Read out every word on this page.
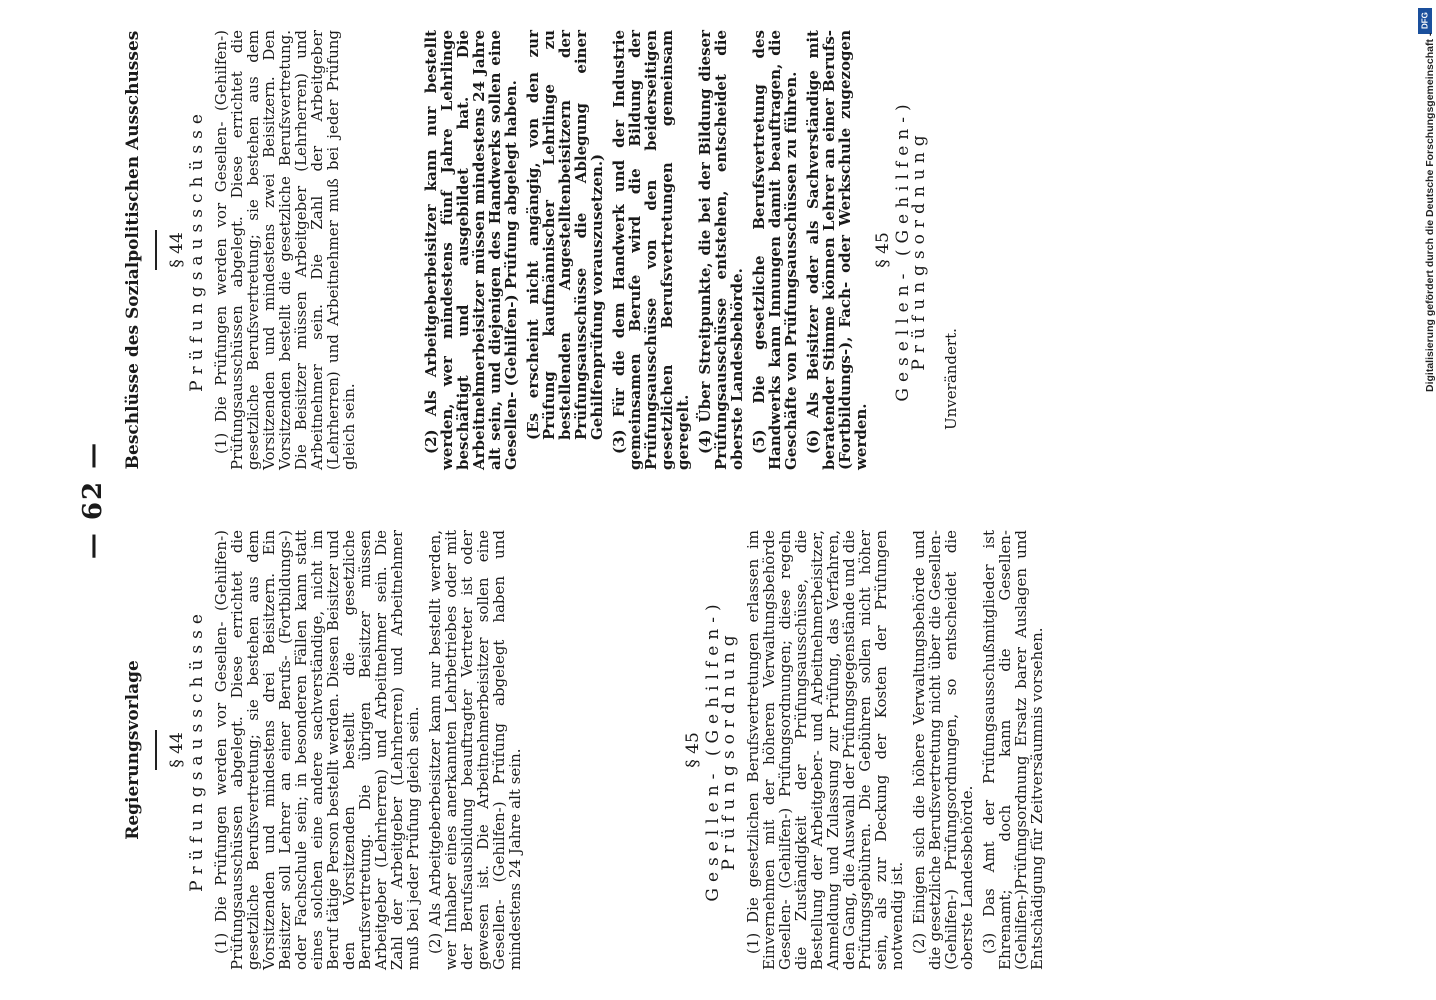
— 62 —
Regierungsvorlage § 44 Prüfungsausschüsse (1) Die Prüfungen werden vor Gesellen- (Gehilfen-) Prüfungsausschüssen abgelegt. Diese errichtet die gesetzliche Berufsvertretung; sie bestehen aus dem Vorsitzenden und mindestens drei Beisitzern. Ein Beisitzer soll Lehrer an einer Berufs- (Fortbildungs-) oder Fachschule sein; in besonderen Fällen kann statt eines solchen eine andere sachverständige, nicht im Beruf tätige Person bestellt werden. Diesen Beisitzer und den Vorsitzenden bestellt die gesetzliche Berufsvertretung. Die übrigen Beisitzer müssen Arbeitgeber (Lehrherren) und Arbeitnehmer sein. Die Zahl der Arbeitgeber (Lehrherren) und Arbeitnehmer muß bei jeder Prüfung gleich sein. (2) Als Arbeitgeberbeisitzer kann nur bestellt werden, wer Inhaber eines anerkannten Lehrbetriebes oder mit der Berufsausbildung beauftragter Vertreter ist oder gewesen ist. Die Arbeitnehmerbeisitzer sollen eine Gesellen- (Gehilfen-) Prüfung abgelegt haben und mindestens 24 Jahre alt sein.	§ 45 Gesellen- (Gehilfen-) Prüfungsordnung (1) Die gesetzlichen Berufsvertretungen erlassen im Einvernehmen mit der höheren Verwaltungsbehörde Gesellen- (Gehilfen-) Prüfungsordnungen; diese regeln die Zuständigkeit der Prüfungsausschüsse, die Bestellung der Arbeitgeber- und Arbeitnehmerbeisitzer, Anmeldung und Zulassung zur Prüfung, das Verfahren, den Gang, die Auswahl der Prüfungsgegenstände und die Prüfungsgebühren. Die Gebühren sollen nicht höher sein, als zur Deckung der Kosten der Prüfungen notwendig ist. (2) Einigen sich die höhere Verwaltungsbehörde und die gesetzliche Berufsvertretung nicht über die Gesellen- (Gehilfen-) Prüfungsordnungen, so entscheidet die oberste Landesbehörde. (3) Das Amt der Prüfungsausschußmitglieder ist Ehrenamt; doch kann die Gesellen-(Gehilfen-)Prüfungsordnung Ersatz barer Auslagen und Entschädigung für Zeitversäumnis vorsehen.

Beschlüsse des Sozialpolitischen Ausschusses § 44 Prüfungsausschüsse (1) Die Prüfungen werden vor Gesellen- (Gehilfen-) Prüfungsausschüssen abgelegt. Diese errichtet die gesetzliche Berufsvertretung; sie bestehen aus dem Vorsitzenden und mindestens zwei Beisitzern. Den Vorsitzenden bestellt die gesetzliche Berufsvertretung. Die Beisitzer müssen Arbeitgeber (Lehrherren) und Arbeitnehmer sein. Die Zahl der Arbeitgeber (Lehrherren) und Arbeitnehmer muß bei jeder Prüfung gleich sein.	(2) Als Arbeitgeberbeisitzer kann nur bestellt werden, wer mindestens fünf Jahre Lehrlinge beschäftigt und ausgebildet hat. Die Arbeitnehmerbeisitzer müssen mindestens 24 Jahre alt sein, und diejenigen des Handwerks sollen eine Gesellen- (Gehilfen-) Prüfung abgelegt haben. (Es erscheint nicht angängig, von den zur Prüfung kaufmännischer Lehrlinge zu bestellenden Angestelltenbeisitzern der Prüfungsausschüsse die Ablegung einer Gehilfenprüfung vorauszusetzen.) (3) Für die dem Handwerk und der Industrie gemeinsamen Berufe wird die Bildung der Prüfungsausschüsse von den beiderseitigen gesetzlichen Berufsvertretungen gemeinsam geregelt. (4) Über Streitpunkte, die bei der Bildung dieser Prüfungsausschüsse entstehen, entscheidet die oberste Landesbehörde. (5) Die gesetzliche Berufsvertretung des Handwerks kann Innungen damit beauftragen, die Geschäfte von Prüfungsausschüssen zu führen. (6) Als Beisitzer oder als Sachverständige mit beratender Stimme können Lehrer an einer Berufs- (Fortbildungs-), Fach- oder Werkschule zugezogen werden.

§ 45 Gesellen- (Gehilfen-) Prüfungsordnung

Unverändert.

DFG
Digitalisierung gefördert durch die Deutsche Forschungsgemeinschaft -
